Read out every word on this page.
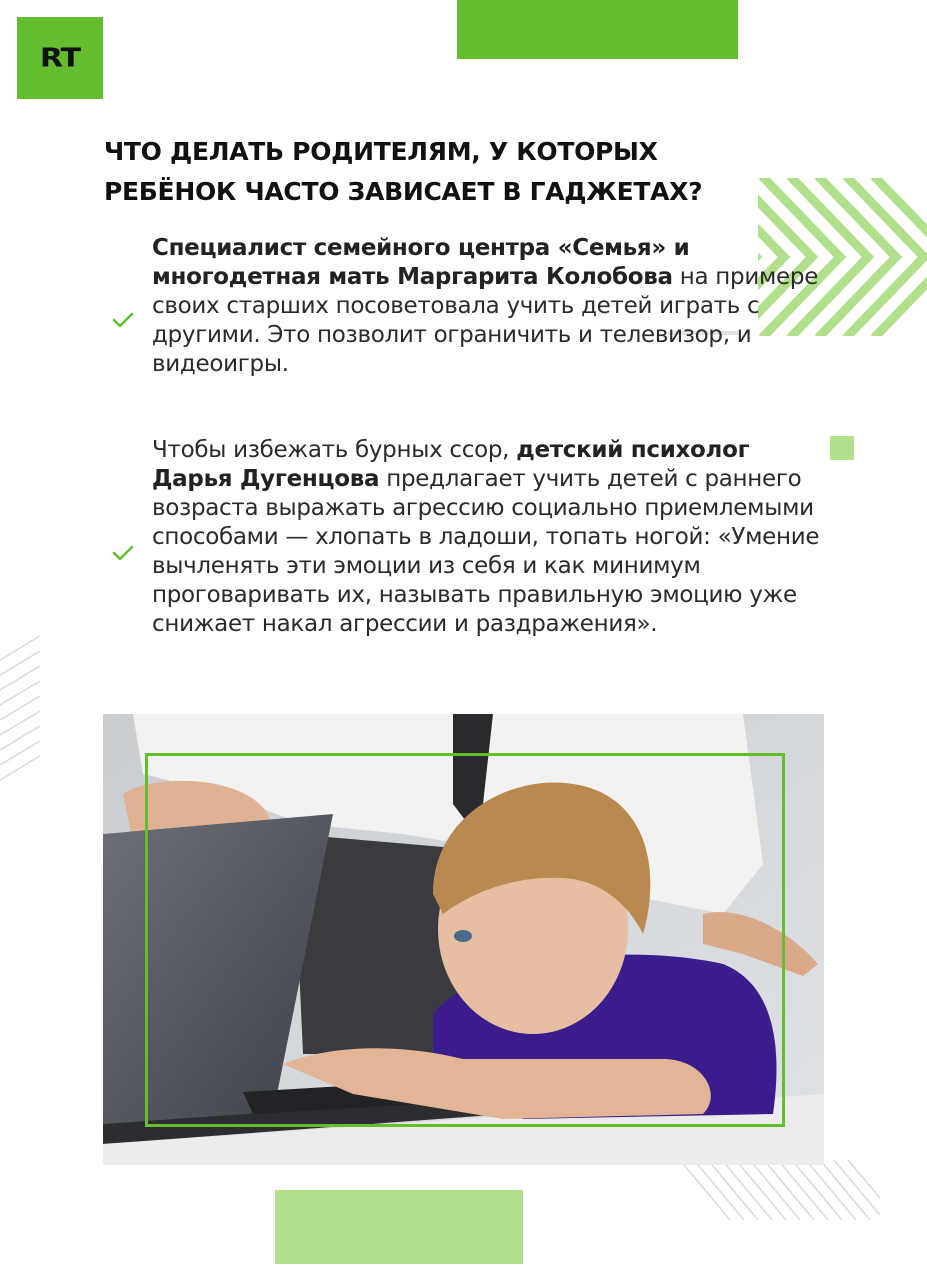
RT
ЧТО ДЕЛАТЬ РОДИТЕЛЯМ, У КОТОРЫХ РЕБЁНОК ЧАСТО ЗАВИСАЕТ В ГАДЖЕТАХ?
Специалист семейного центра «Семья» и многодетная мать Маргарита Колобова на примере своих старших посоветовала учить детей играть с другими. Это позволит ограничить и телевизор, и видеоигры.
Чтобы избежать бурных ссор, детский психолог Дарья Дугенцова предлагает учить детей с раннего возраста выражать агрессию социально приемлемыми способами — хлопать в ладоши, топать ногой: «Умение вычленять эти эмоции из себя и как минимум проговаривать их, называть правильную эмоцию уже снижает накал агрессии и раздражения».
